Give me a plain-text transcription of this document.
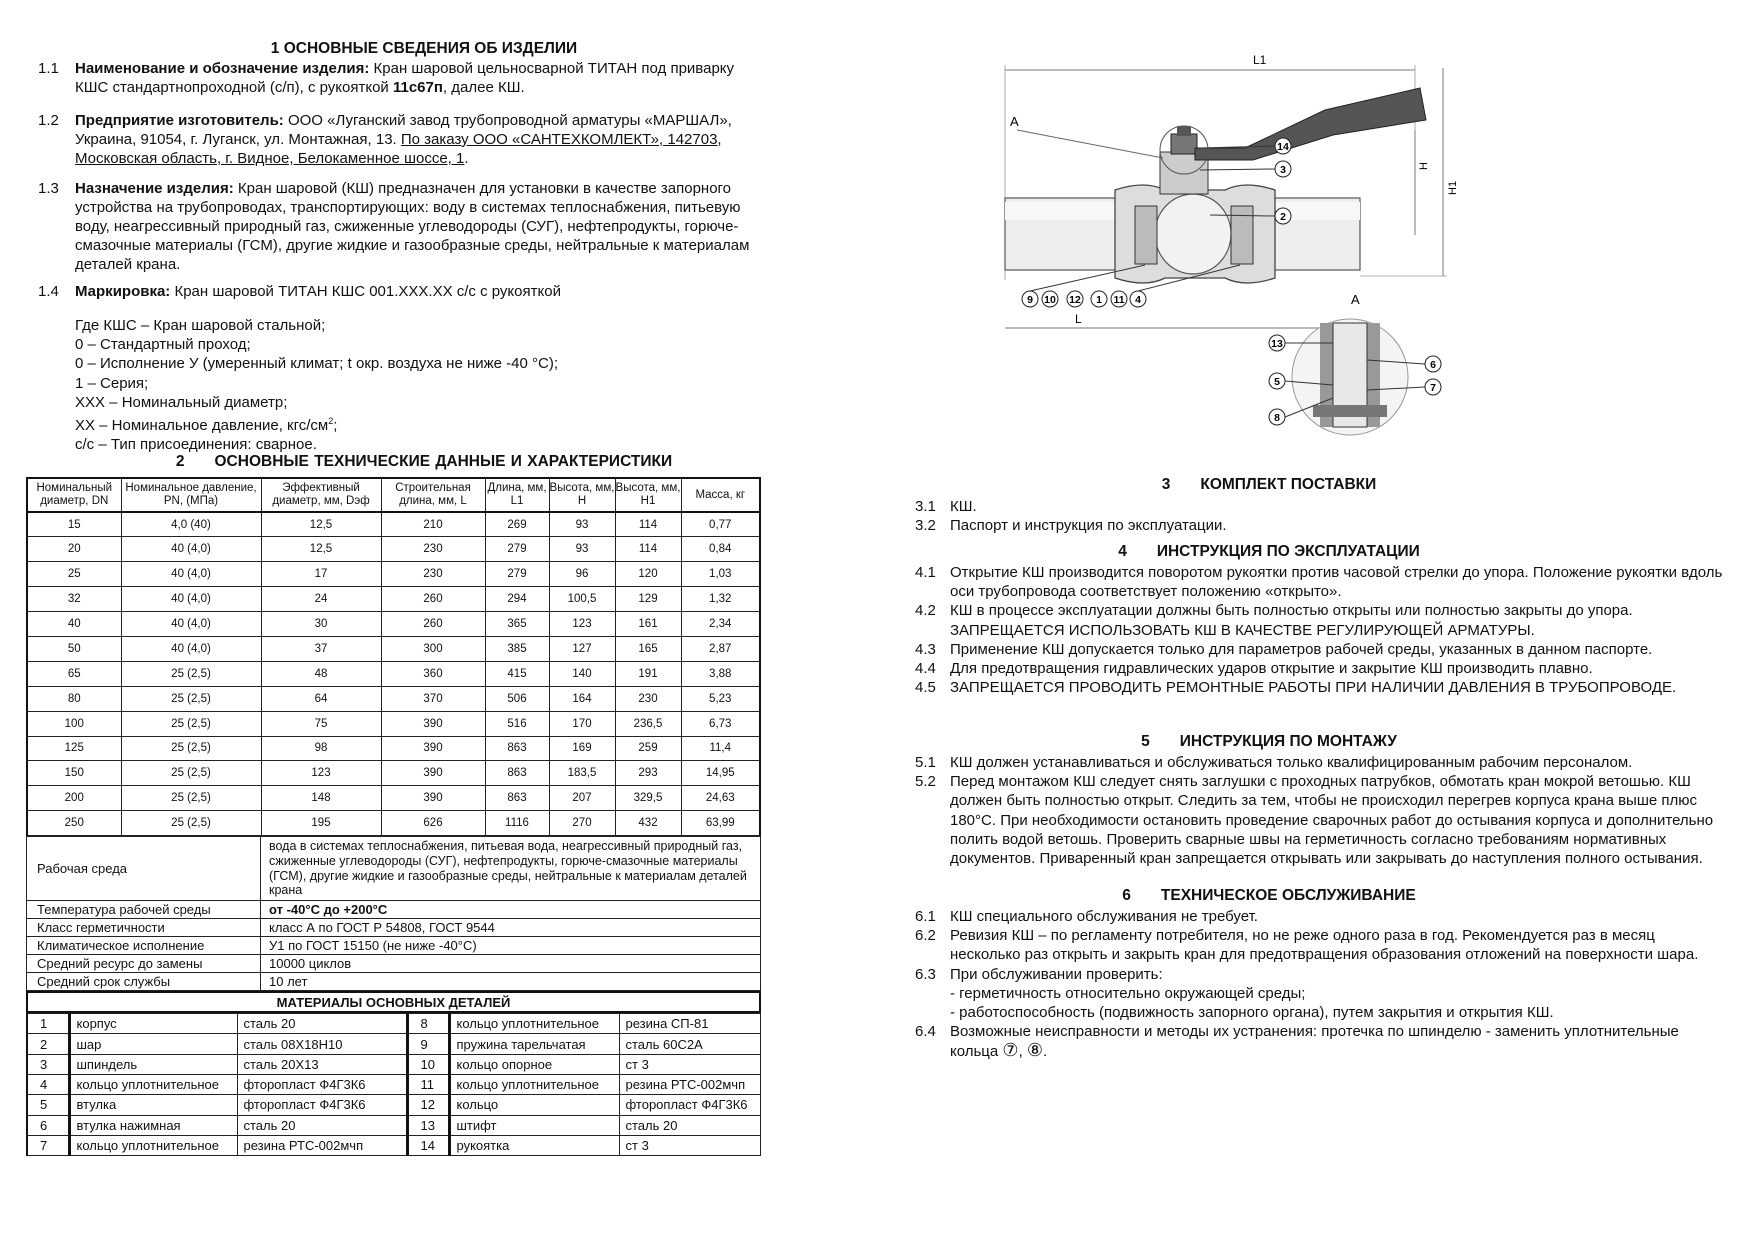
1 ОСНОВНЫЕ СВЕДЕНИЯ ОБ ИЗДЕЛИИ
1.1	Наименование и обозначение изделия: Кран шаровой цельносварной ТИТАН под приварку КШС стандартнопроходной (с/п), с рукояткой 11с67п, далее КШ.
1.2	Предприятие изготовитель: ООО «Луганский завод трубопроводной арматуры «МАРШАЛ», Украина, 91054, г. Луганск, ул. Монтажная, 13. По заказу ООО «САНТЕХКОМЛЕКТ», 142703, Московская область, г. Видное, Белокаменное шоссе, 1.
1.3	Назначение изделия: Кран шаровой (КШ) предназначен для установки в качестве запорного устройства на трубопроводах, транспортирующих: воду в системах теплоснабжения, питьевую воду, неагрессивный природный газ, сжиженные углеводороды (СУГ), нефтепродукты, горюче-смазочные материалы (ГСМ), другие жидкие и газообразные среды, нейтральные к материалам деталей крана.
1.4	Маркировка: Кран шаровой ТИТАН КШС 001.ХХХ.ХХ с/с с рукояткой
Где КШС – Кран шаровой стальной;
0 – Стандартный проход;
0 – Исполнение У (умеренный климат; t окр. воздуха не ниже -40 °С);
1 – Серия;
ХХХ – Номинальный диаметр;
ХХ – Номинальное давление, кгс/$см^2$;
с/с – Тип присоединения: сварное.
2 ОСНОВНЫЕ ТЕХНИЧЕСКИЕ ДАННЫЕ И ХАРАКТЕРИСТИКИ
Номинальный диаметр, DN	Номинальное давление, PN, (МПа)	Эффективный диаметр, мм, Dэф	Строительная длина, мм, L	Длина, мм, L1	Высота, мм, H	Высота, мм, H1	Масса, кг
15	4,0 (40)	12,5	210	269	93	114	0,77
20	40 (4,0)	12,5	230	279	93	114	0,84
25	40 (4,0)	17	230	279	96	120	1,03
32	40 (4,0)	24	260	294	100,5	129	1,32
40	40 (4,0)	30	260	365	123	161	2,34
50	40 (4,0)	37	300	385	127	165	2,87
65	25 (2,5)	48	360	415	140	191	3,88
80	25 (2,5)	64	370	506	164	230	5,23
100	25 (2,5)	75	390	516	170	236,5	6,73
125	25 (2,5)	98	390	863	169	259	11,4
150	25 (2,5)	123	390	863	183,5	293	14,95
200	25 (2,5)	148	390	863	207	329,5	24,63
250	25 (2,5)	195	626	1116	270	432	63,99
Рабочая среда	вода в системах теплоснабжения, питьевая вода, неагрессивный природный газ, сжиженные углеводороды (СУГ), нефтепродукты, горюче-смазочные материалы (ГСМ), другие жидкие и газообразные среды, нейтральные к материалам деталей крана
Температура рабочей среды	от -40°С до +200°С
Класс герметичности	класс А по ГОСТ Р 54808, ГОСТ 9544
Климатическое исполнение	У1 по ГОСТ 15150 (не ниже -40°С)
Средний ресурс до замены	10000 циклов
Средний срок службы	10 лет
МАТЕРИАЛЫ ОСНОВНЫХ ДЕТАЛЕЙ
1	корпус	сталь 20	8	кольцо уплотнительное	резина СП-81
2	шар	сталь 08Х18Н10	9	пружина тарельчатая	сталь 60С2А
3	шпиндель	сталь 20Х13	10	кольцо опорное	ст 3
4	кольцо уплотнительное	фторопласт Ф4Г3К6	11	кольцо уплотнительное	резина РТС-002мчп
5	втулка	фторопласт Ф4Г3К6	12	кольцо	фторопласт Ф4Г3К6
6	втулка нажимная	сталь 20	13	штифт	сталь 20
7	кольцо уплотнительное	резина РТС-002мчп	14	рукоятка	ст 3
L1
H
H1
L
A
14
3
2
9 10 12 1 11 4	A
13
5
8
6
7
3 КОМПЛЕКТ ПОСТАВКИ
3.1 КШ.
3.2 Паспорт и инструкция по эксплуатации.
4 ИНСТРУКЦИЯ ПО ЭКСПЛУАТАЦИИ
4.1 Открытие КШ производится поворотом рукоятки против часовой стрелки до упора. Положение рукоятки вдоль оси трубопровода соответствует положению «открыто».
4.2 КШ в процессе эксплуатации должны быть полностью открыты или полностью закрыты до упора. ЗАПРЕЩАЕТСЯ ИСПОЛЬЗОВАТЬ КШ В КАЧЕСТВЕ РЕГУЛИРУЮЩЕЙ АРМАТУРЫ.
4.3 Применение КШ допускается только для параметров рабочей среды, указанных в данном паспорте.
4.4 Для предотвращения гидравлических ударов открытие и закрытие КШ производить плавно.
4.5 ЗАПРЕЩАЕТСЯ ПРОВОДИТЬ РЕМОНТНЫЕ РАБОТЫ ПРИ НАЛИЧИИ ДАВЛЕНИЯ В ТРУБОПРОВОДЕ.
5 ИНСТРУКЦИЯ ПО МОНТАЖУ
5.1 КШ должен устанавливаться и обслуживаться только квалифицированным рабочим персоналом.
5.2 Перед монтажом КШ следует снять заглушки с проходных патрубков, обмотать кран мокрой ветошью. КШ должен быть полностью открыт. Следить за тем, чтобы не происходил перегрев корпуса крана выше плюс 180°С. При необходимости остановить проведение сварочных работ до остывания корпуса и дополнительно полить водой ветошь. Проверить сварные швы на герметичность согласно требованиям нормативных документов. Приваренный кран запрещается открывать или закрывать до наступления полного остывания.
6 ТЕХНИЧЕСКОЕ ОБСЛУЖИВАНИЕ
6.1 КШ специального обслуживания не требует.
6.2 Ревизия КШ – по регламенту потребителя, но не реже одного раза в год. Рекомендуется раз в месяц несколько раз открыть и закрыть кран для предотвращения образования отложений на поверхности шара.
6.3 При обслуживании проверить:
- герметичность относительно окружающей среды;
- работоспособность (подвижность запорного органа), путем закрытия и открытия КШ.
6.4 Возможные неисправности и методы их устранения: протечка по шпинделю - заменить уплотнительные кольца ⑦, ⑧.
